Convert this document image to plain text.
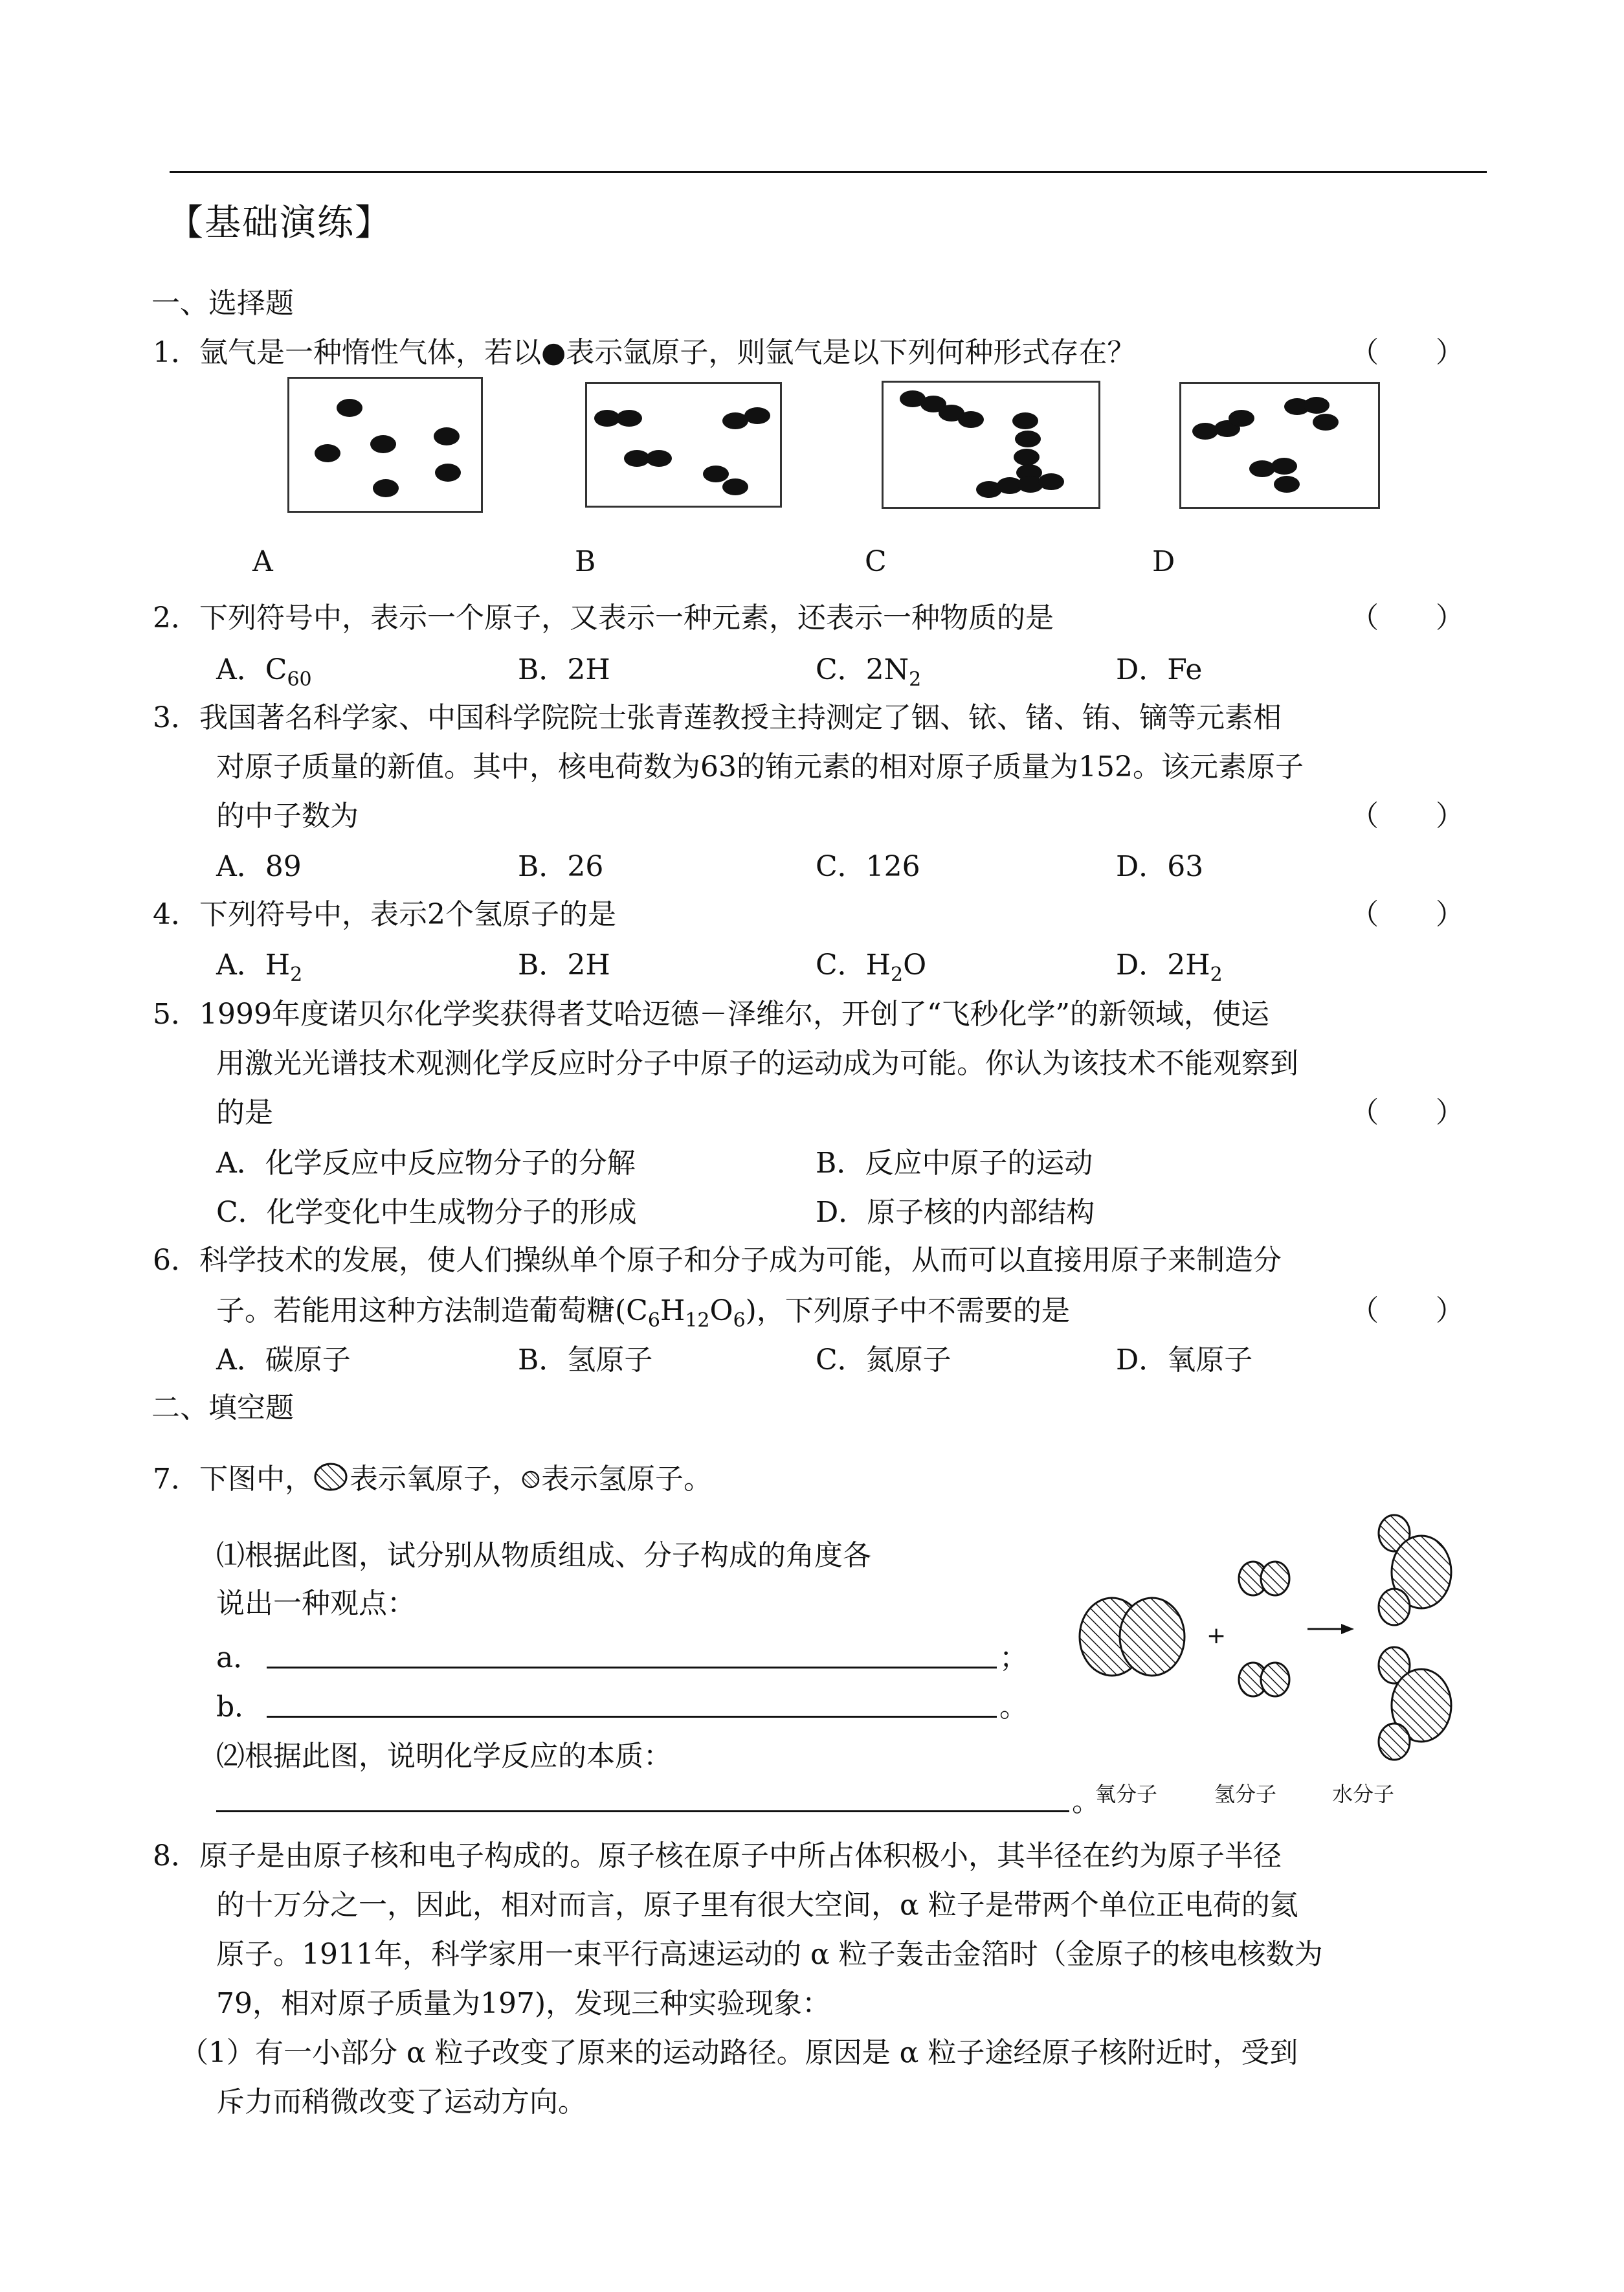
【基础演练】
一、选择题
1．氩气是一种惰性气体，若以●表示氩原子，则氩气是以下列何种形式存在？	（　　）
A	B	C	D
2．下列符号中，表示一个原子，又表示一种元素，还表示一种物质的是	（　　）
A．$C_{60}$	B．2H	C．$2N_2$	D．Fe
3．我国著名科学家、中国科学院院士张青莲教授主持测定了铟、铱、锗、铕、镝等元素相
对原子质量的新值。其中，核电荷数为63的铕元素的相对原子质量为152。该元素原子
的中子数为	（　　）
A．89	B．26	C．126	D．63
4．下列符号中，表示2个氢原子的是	（　　）
A．$H_2$	B．2H	C．$H_2O$	D．$2H_2$
5．1999年度诺贝尔化学奖获得者艾哈迈德－泽维尔，开创了“飞秒化学”的新领域，使运
用激光光谱技术观测化学反应时分子中原子的运动成为可能。你认为该技术不能观察到
的是	（　　）
A．化学反应中反应物分子的分解	B．反应中原子的运动
C．化学变化中生成物分子的形成	D．原子核的内部结构
6．科学技术的发展，使人们操纵单个原子和分子成为可能，从而可以直接用原子来制造分
子。若能用这种方法制造葡萄糖$(C_6H_{12}O_6)$，下列原子中不需要的是	（　　）
A．碳原子	B．氢原子	C．氮原子	D．氧原子
二、填空题
7．下图中， 表示氧原子， 表示氢原子。
⑴根据此图，试分别从物质组成、分子构成的角度各
说出一种观点：
a．	；
b．	。
⑵根据此图，说明化学反应的本质：
。
+
氧分子	氢分子	水分子
8．原子是由原子核和电子构成的。原子核在原子中所占体积极小，其半径在约为原子半径
的十万分之一，因此，相对而言，原子里有很大空间，α 粒子是带两个单位正电荷的氦
原子。1911年，科学家用一束平行高速运动的 α 粒子轰击金箔时（金原子的核电核数为
79，相对原子质量为197)，发现三种实验现象：
（1）有一小部分 α 粒子改变了原来的运动路径。原因是 α 粒子途经原子核附近时，受到
斥力而稍微改变了运动方向。
